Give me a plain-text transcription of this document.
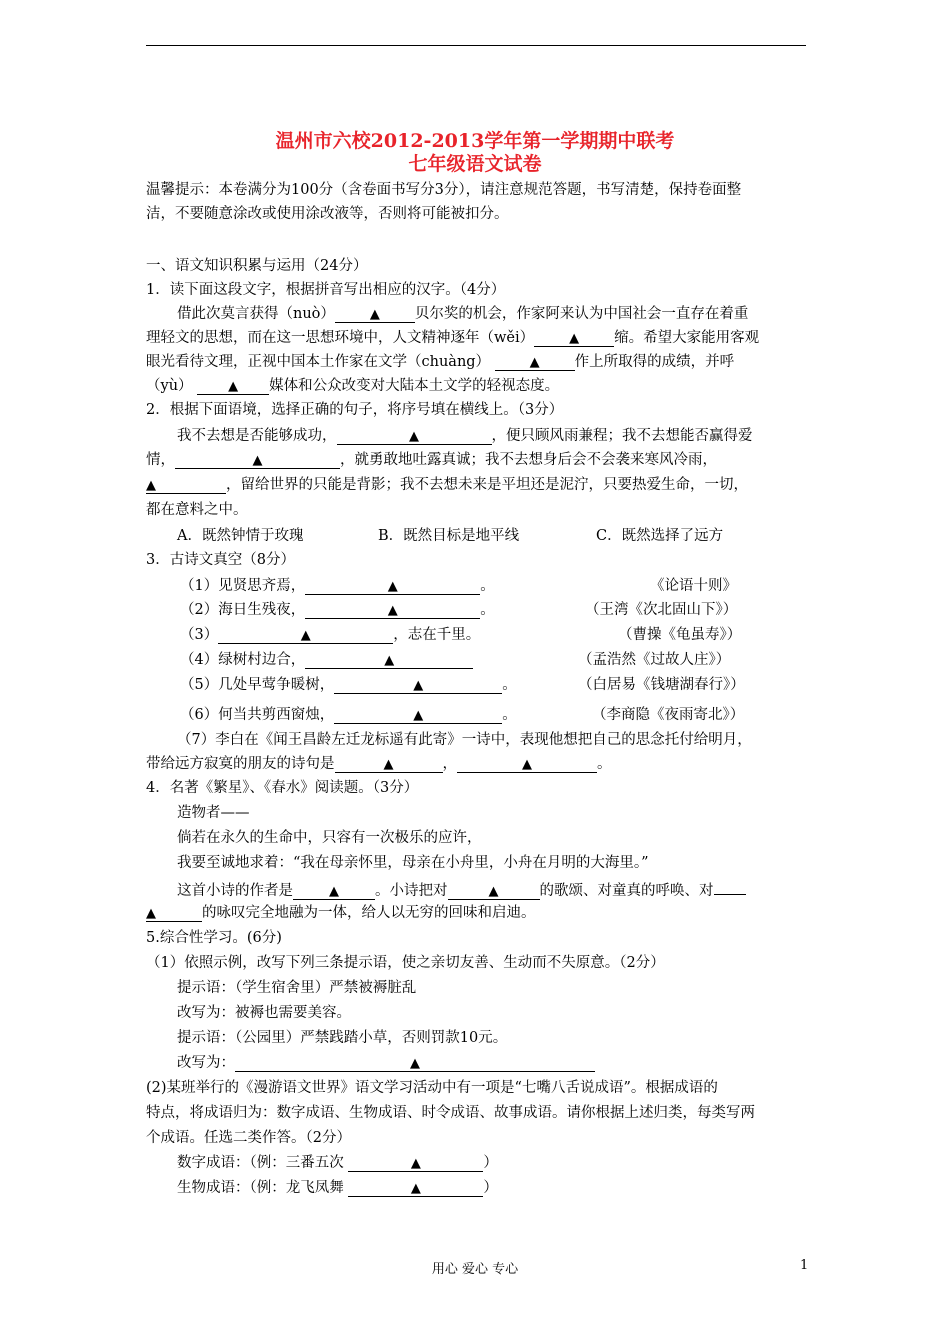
温州市六校2012-2013学年第一学期期中联考
七年级语文试卷
温馨提示：本卷满分为100分（含卷面书写分3分），请注意规范答题，书写清楚，保持卷面整
洁，不要随意涂改或使用涂改液等，否则将可能被扣分。
一、语文知识积累与运用（24分）
1．读下面这段文字，根据拼音写出相应的汉字。（4分）
借此次莫言获得（nuò）	▲ 贝尔奖的机会，作家阿来认为中国社会一直存在着重
理轻文的思想，而在这一思想环境中，人文精神逐年（wěi）	▲ 缩。希望大家能用客观
眼光看待文理，正视中国本土作家在文学（chuàng）	▲ 作上所取得的成绩，并呼
（yù）	▲ 媒体和公众改变对大陆本土文学的轻视态度。
2．根据下面语境，选择正确的句子，将序号填在横线上。（3分）
我不去想是否能够成功，	▲	，便只顾风雨兼程；我不去想能否赢得爱
情，	▲	，就勇敢地吐露真诚；我不去想身后会不会袭来寒风冷雨，
▲	，留给世界的只能是背影；我不去想未来是平坦还是泥泞，只要热爱生命，一切，
都在意料之中。
A．既然钟情于玫瑰	B．既然目标是地平线	C．既然选择了远方
3．古诗文真空（8分）
（1）见贤思齐焉，	▲	。	《论语十则》
（2）海日生残夜，	▲	。	（王湾《次北固山下》）
（3）	▲	，志在千里。	（曹操《龟虽寿》）
（4）绿树村边合，	▲	（孟浩然《过故人庄》）
（5）几处早莺争暖树，	▲	。	（白居易《钱塘湖春行》）
（6）何当共剪西窗烛，	▲	。	（李商隐《夜雨寄北》）
（7）李白在《闻王昌龄左迁龙标遥有此寄》一诗中，表现他想把自己的思念托付给明月，
带给远方寂寞的朋友的诗句是	▲	，	▲	。
4．名著《繁星》、《春水》阅读题。（3分）
造物者——
倘若在永久的生命中，只容有一次极乐的应许，
我要至诚地求着：“我在母亲怀里，母亲在小舟里，小舟在月明的大海里。”
这首小诗的作者是	▲ 。小诗把对	▲	的歌颂、对童真的呼唤、对
▲	的咏叹完全地融为一体，给人以无穷的回味和启迪。
5.综合性学习。(6分)
（1）依照示例，改写下列三条提示语，使之亲切友善、生动而不失原意。（2分）
提示语：（学生宿舍里）严禁被褥脏乱
改写为：被褥也需要美容。
提示语：（公园里）严禁践踏小草，否则罚款10元。
改写为：	▲
(2)某班举行的《漫游语文世界》语文学习活动中有一项是“七嘴八舌说成语”。根据成语的
特点，将成语归为：数字成语、生物成语、时令成语、故事成语。请你根据上述归类，每类写两
个成语。任选二类作答。（2分）
数字成语：（例：三番五次	▲	）
生物成语：（例：龙飞凤舞	▲	）
用心 爱心 专心	1
